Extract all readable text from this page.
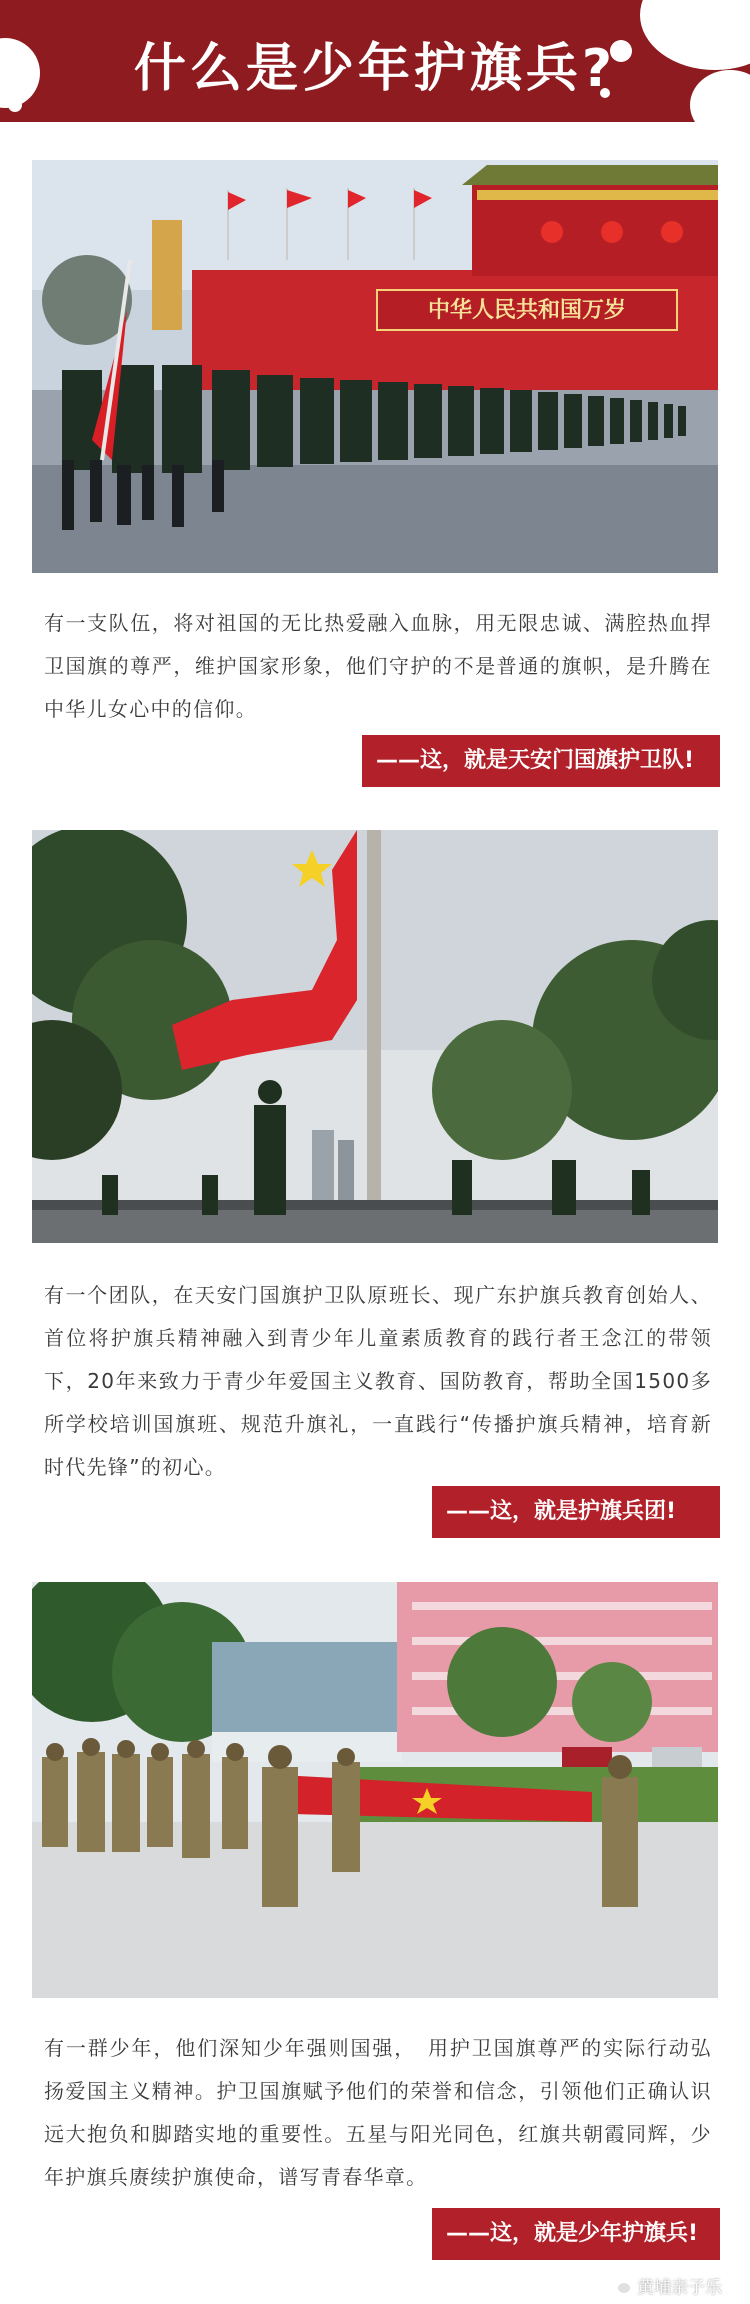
什么是少年护旗兵?
中华人民共和国万岁
有一支队伍，将对祖国的无比热爱融入血脉，用无限忠诚、满腔热血捍卫国旗的尊严，维护国家形象，他们守护的不是普通的旗帜，是升腾在中华儿女心中的信仰。
——这，就是天安门国旗护卫队!
有一个团队，在天安门国旗护卫队原班长、现广东护旗兵教育创始人、首位将护旗兵精神融入到青少年儿童素质教育的践行者王念江的带领下，20年来致力于青少年爱国主义教育、国防教育，帮助全国1500多所学校培训国旗班、规范升旗礼，一直践行“传播护旗兵精神，培育新时代先锋”的初心。
——这，就是护旗兵团!
有一群少年，他们深知少年强则国强，　用护卫国旗尊严的实际行动弘扬爱国主义精神。护卫国旗赋予他们的荣誉和信念，引领他们正确认识远大抱负和脚踏实地的重要性。五星与阳光同色，红旗共朝霞同辉，少年护旗兵赓续护旗使命，谱写青春华章。
——这，就是少年护旗兵!
黄埔亲子乐
